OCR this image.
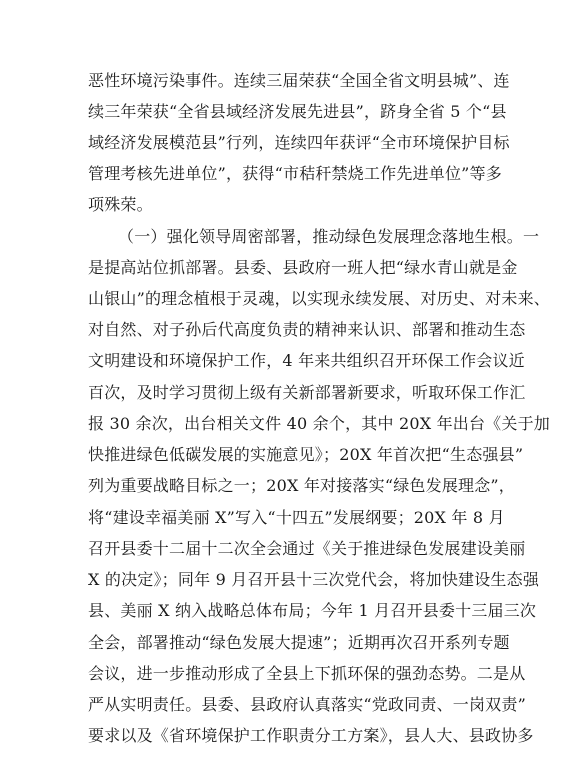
恶性环境污染事件。连续三届荣获“全国全省文明县城”、连
续三年荣获“全省县域经济发展先进县”，跻身全省 5 个“县
域经济发展模范县”行列，连续四年获评“全市环境保护目标
管理考核先进单位”，获得“市秸秆禁烧工作先进单位”等多
项殊荣。
（一）强化领导周密部署，推动绿色发展理念落地生根。一
是提高站位抓部署。县委、县政府一班人把“绿水青山就是金
山银山”的理念植根于灵魂，以实现永续发展、对历史、对未来、
对自然、对子孙后代高度负责的精神来认识、部署和推动生态
文明建设和环境保护工作，4 年来共组织召开环保工作会议近
百次，及时学习贯彻上级有关新部署新要求，听取环保工作汇
报 30 余次，出台相关文件 40 余个，其中 20X 年出台《关于加
快推进绿色低碳发展的实施意见》；20X 年首次把“生态强县”
列为重要战略目标之一；20X 年对接落实“绿色发展理念”，
将“建设幸福美丽 X”写入“十四五”发展纲要；20X 年 8 月
召开县委十二届十二次全会通过《关于推进绿色发展建设美丽
X 的决定》；同年 9 月召开县十三次党代会，将加快建设生态强
县、美丽 X 纳入战略总体布局；今年 1 月召开县委十三届三次
全会，部署推动“绿色发展大提速”；近期再次召开系列专题
会议，进一步推动形成了全县上下抓环保的强劲态势。二是从
严从实明责任。县委、县政府认真落实“党政同责、一岗双责”
要求以及《省环境保护工作职责分工方案》，县人大、县政协多
